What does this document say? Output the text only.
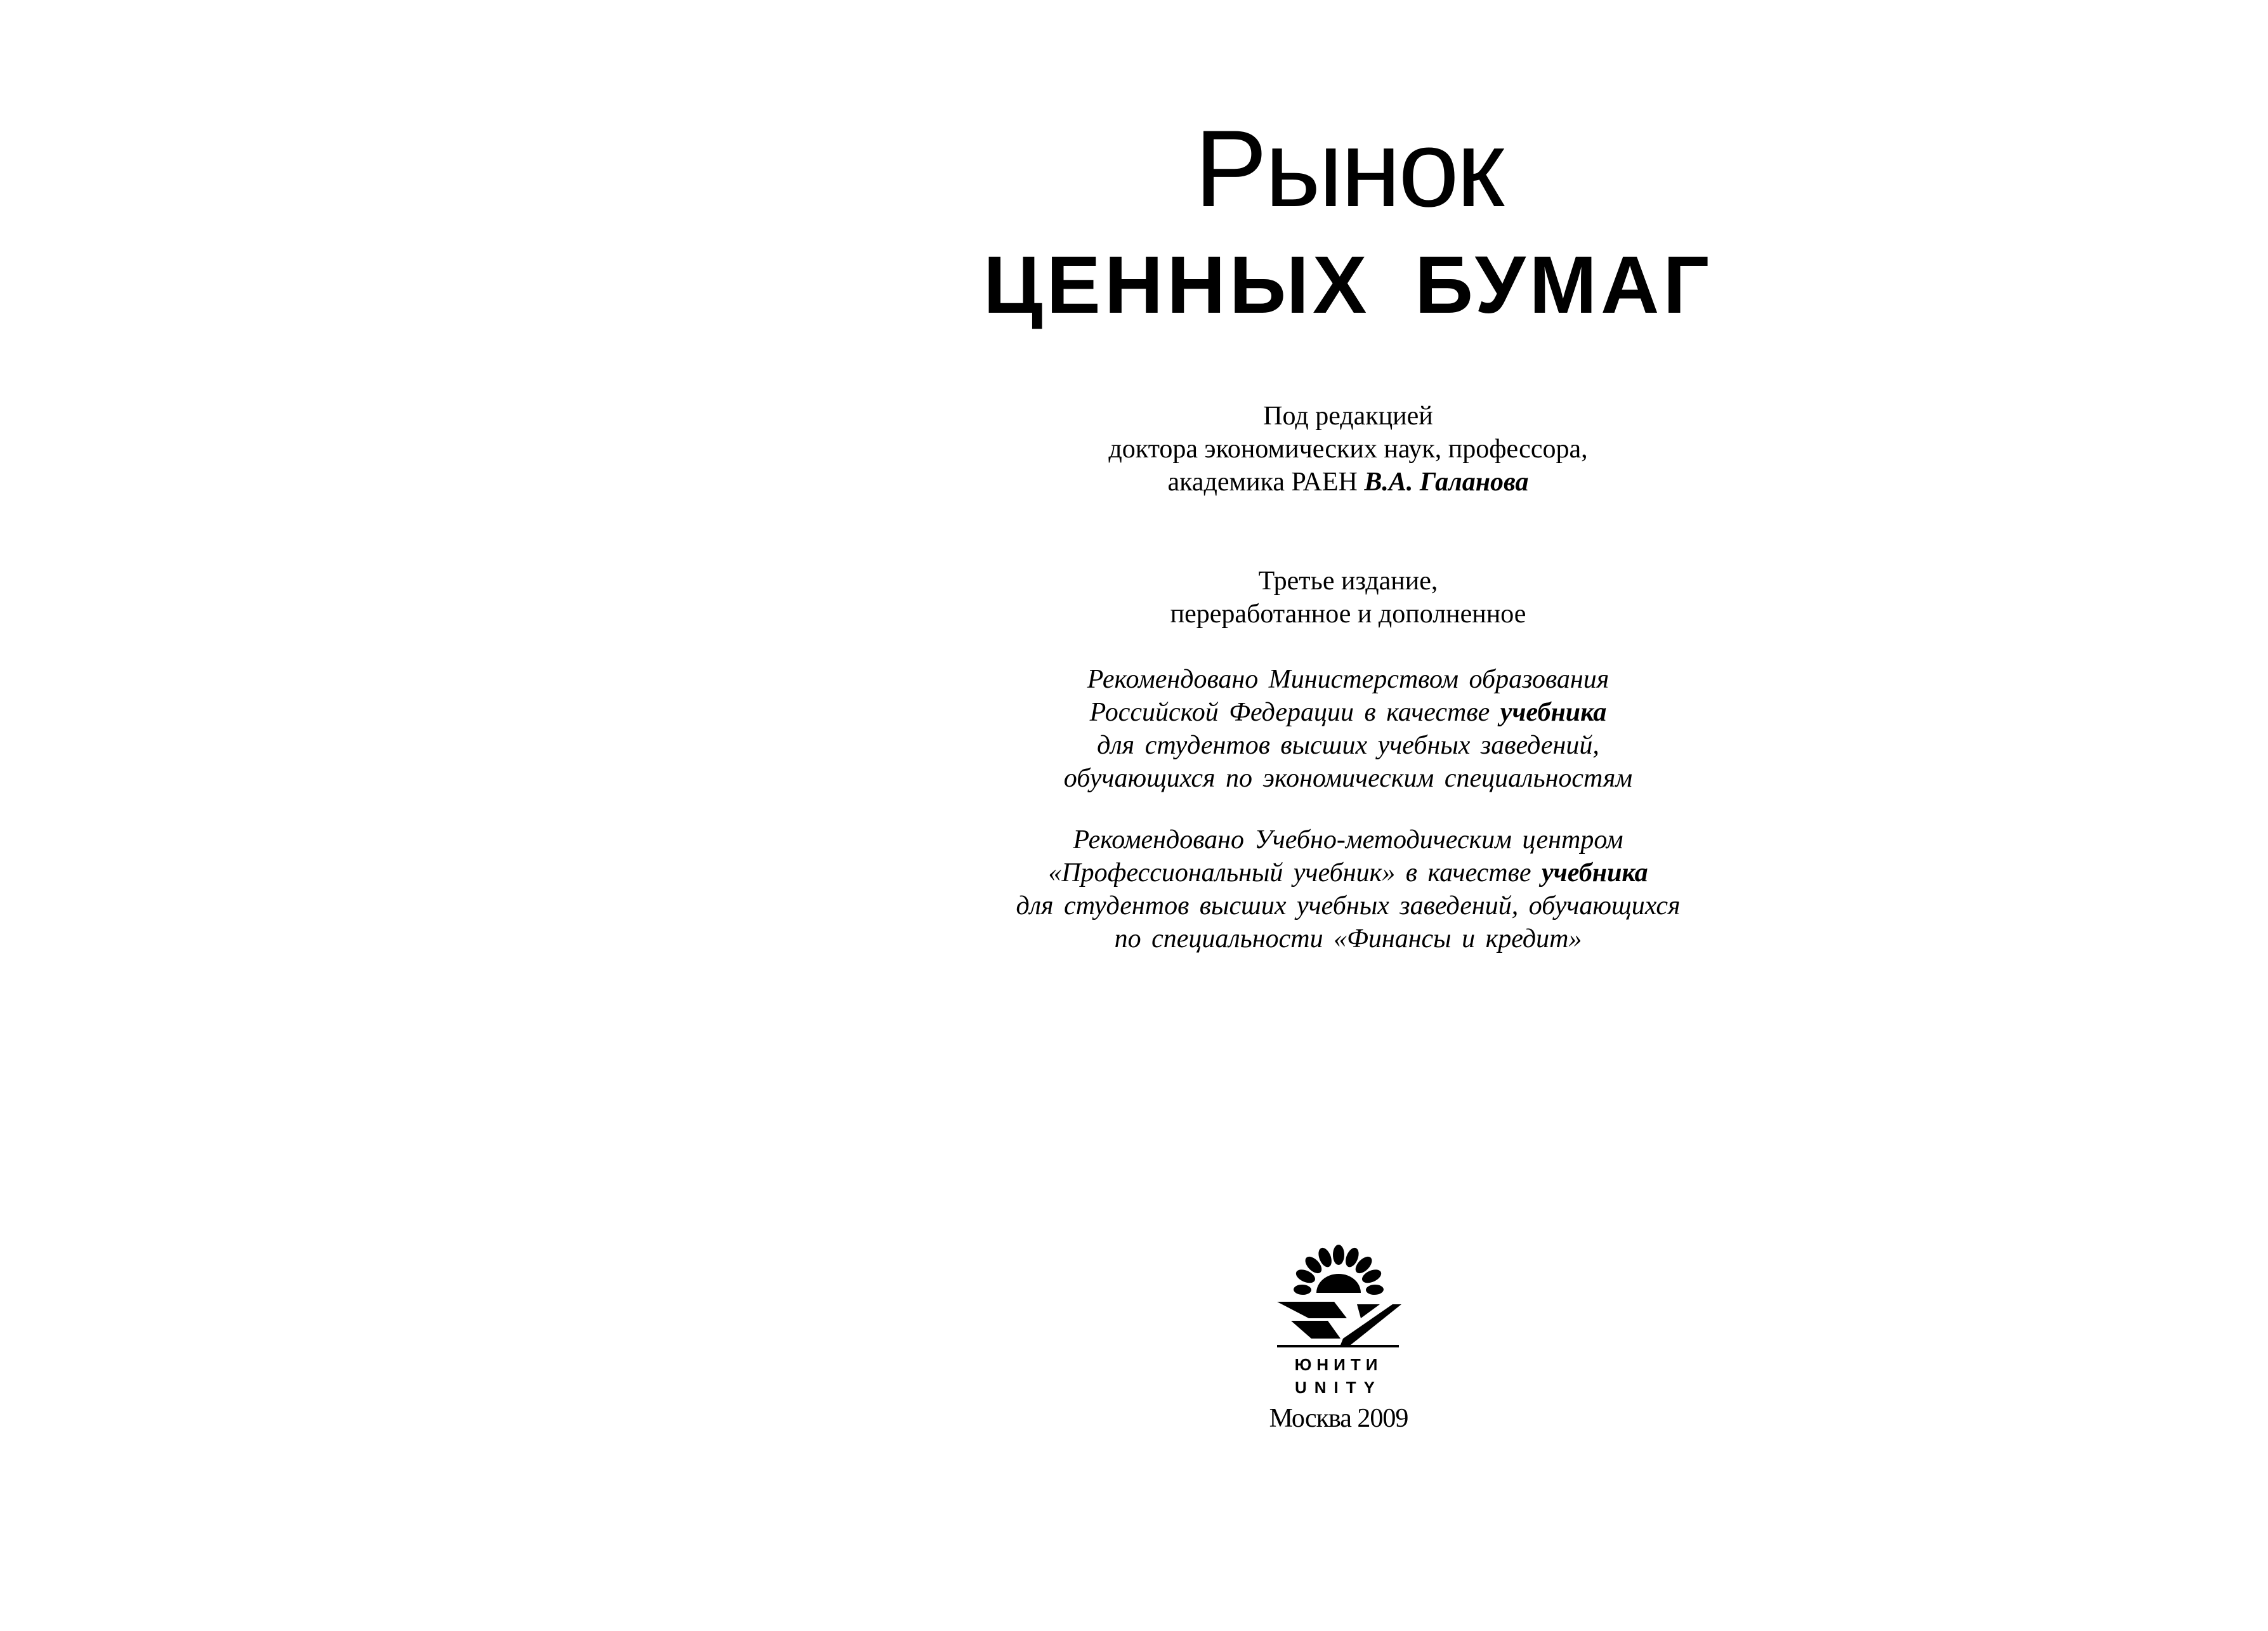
Рынок
ЦЕННЫХ БУМАГ
Под редакцией
доктора экономических наук, профессора,
академика РАЕН В.А. Галанова
Третье издание,
переработанное и дополненное
Рекомендовано Министерством образования
Российской Федерации в качестве учебника
для студентов высших учебных заведений,
обучающихся по экономическим специальностям
Рекомендовано Учебно-методическим центром
«Профессиональный учебник» в качестве учебника
для студентов высших учебных заведений, обучающихся
по специальности «Финансы и кредит»
ЮНИТИ
UNITY
Москва 2009
